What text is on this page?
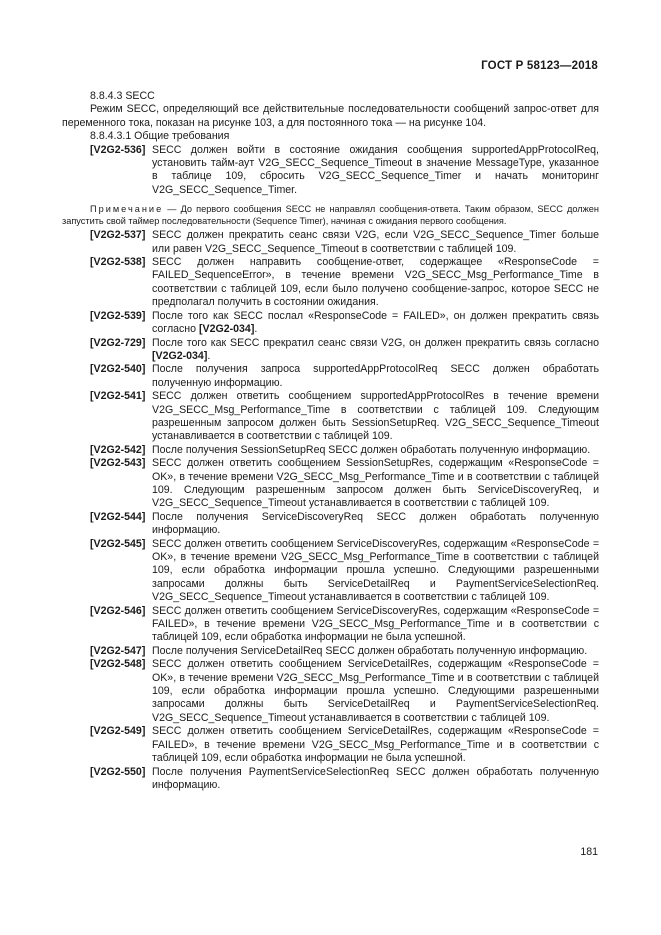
ГОСТ Р 58123—2018

8.8.4.3 SECC

Режим SECC, определяющий все действительные последовательности сообщений запрос-ответ для переменного тока, показан на рисунке 103, а для постоянного тока — на рисунке 104.

8.8.4.3.1 Общие требования

[V2G2-536] SECC должен войти в состояние ожидания сообщения supportedAppProtocolReq, установить тайм-аут V2G_SECC_Sequence_Timeout в значение MessageType, указанное в таблице 109, сбросить V2G_SECC_Sequence_Timer и начать мониторинг V2G_SECC_Sequence_Timer.

Примечание — До первого сообщения SECC не направлял сообщения-ответа. Таким образом, SECC должен запустить свой таймер последовательности (Sequence Timer), начиная с ожидания первого сообщения.

[V2G2-537] SECC должен прекратить сеанс связи V2G, если V2G_SECC_Sequence_Timer больше или равен V2G_SECC_Sequence_Timeout в соответствии с таблицей 109.
[V2G2-538] SECC должен направить сообщение-ответ, содержащее «ResponseCode = FAILED_SequenceError», в течение времени V2G_SECC_Msg_Performance_Time в соответствии с таблицей 109, если было получено сообщение-запрос, которое SECC не предполагал получить в состоянии ожидания.
[V2G2-539] После того как SECC послал «ResponseCode = FAILED», он должен прекратить связь согласно [V2G2-034].
[V2G2-729] После того как SECC прекратил сеанс связи V2G, он должен прекратить связь согласно [V2G2-034].
[V2G2-540] После получения запроса supportedAppProtocolReq SECC должен обработать полученную информацию.
[V2G2-541] SECC должен ответить сообщением supportedAppProtocolRes в течение времени V2G_SECC_Msg_Performance_Time в соответствии с таблицей 109. Следующим разрешенным запросом должен быть SessionSetupReq. V2G_SECC_Sequence_Timeout устанавливается в соответствии с таблицей 109.
[V2G2-542] После получения SessionSetupReq SECC должен обработать полученную информацию.
[V2G2-543] SECC должен ответить сообщением SessionSetupRes, содержащим «ResponseCode = OK», в течение времени V2G_SECC_Msg_Performance_Time и в соответствии с таблицей 109. Следующим разрешенным запросом должен быть ServiceDiscoveryReq, и V2G_SECC_Sequence_Timeout устанавливается в соответствии с таблицей 109.
[V2G2-544] После получения ServiceDiscoveryReq SECC должен обработать полученную информацию.
[V2G2-545] SECC должен ответить сообщением ServiceDiscoveryRes, содержащим «ResponseCode = OK», в течение времени V2G_SECC_Msg_Performance_Time в соответствии с таблицей 109, если обработка информации прошла успешно. Следующими разрешенными запросами должны быть ServiceDetailReq и PaymentServiceSelectionReq. V2G_SECC_Sequence_Timeout устанавливается в соответствии с таблицей 109.
[V2G2-546] SECC должен ответить сообщением ServiceDiscoveryRes, содержащим «ResponseCode = FAILED», в течение времени V2G_SECC_Msg_Performance_Time и в соответствии с таблицей 109, если обработка информации не была успешной.
[V2G2-547] После получения ServiceDetailReq SECC должен обработать полученную информацию.
[V2G2-548] SECC должен ответить сообщением ServiceDetailRes, содержащим «ResponseCode = OK», в течение времени V2G_SECC_Msg_Performance_Time и в соответствии с таблицей 109, если обработка информации прошла успешно. Следующими разрешенными запросами должны быть ServiceDetailReq и PaymentServiceSelectionReq. V2G_SECC_Sequence_Timeout устанавливается в соответствии с таблицей 109.
[V2G2-549] SECC должен ответить сообщением ServiceDetailRes, содержащим «ResponseCode = FAILED», в течение времени V2G_SECC_Msg_Performance_Time и в соответствии с таблицей 109, если обработка информации не была успешной.
[V2G2-550] После получения PaymentServiceSelectionReq SECC должен обработать полученную информацию.
181
